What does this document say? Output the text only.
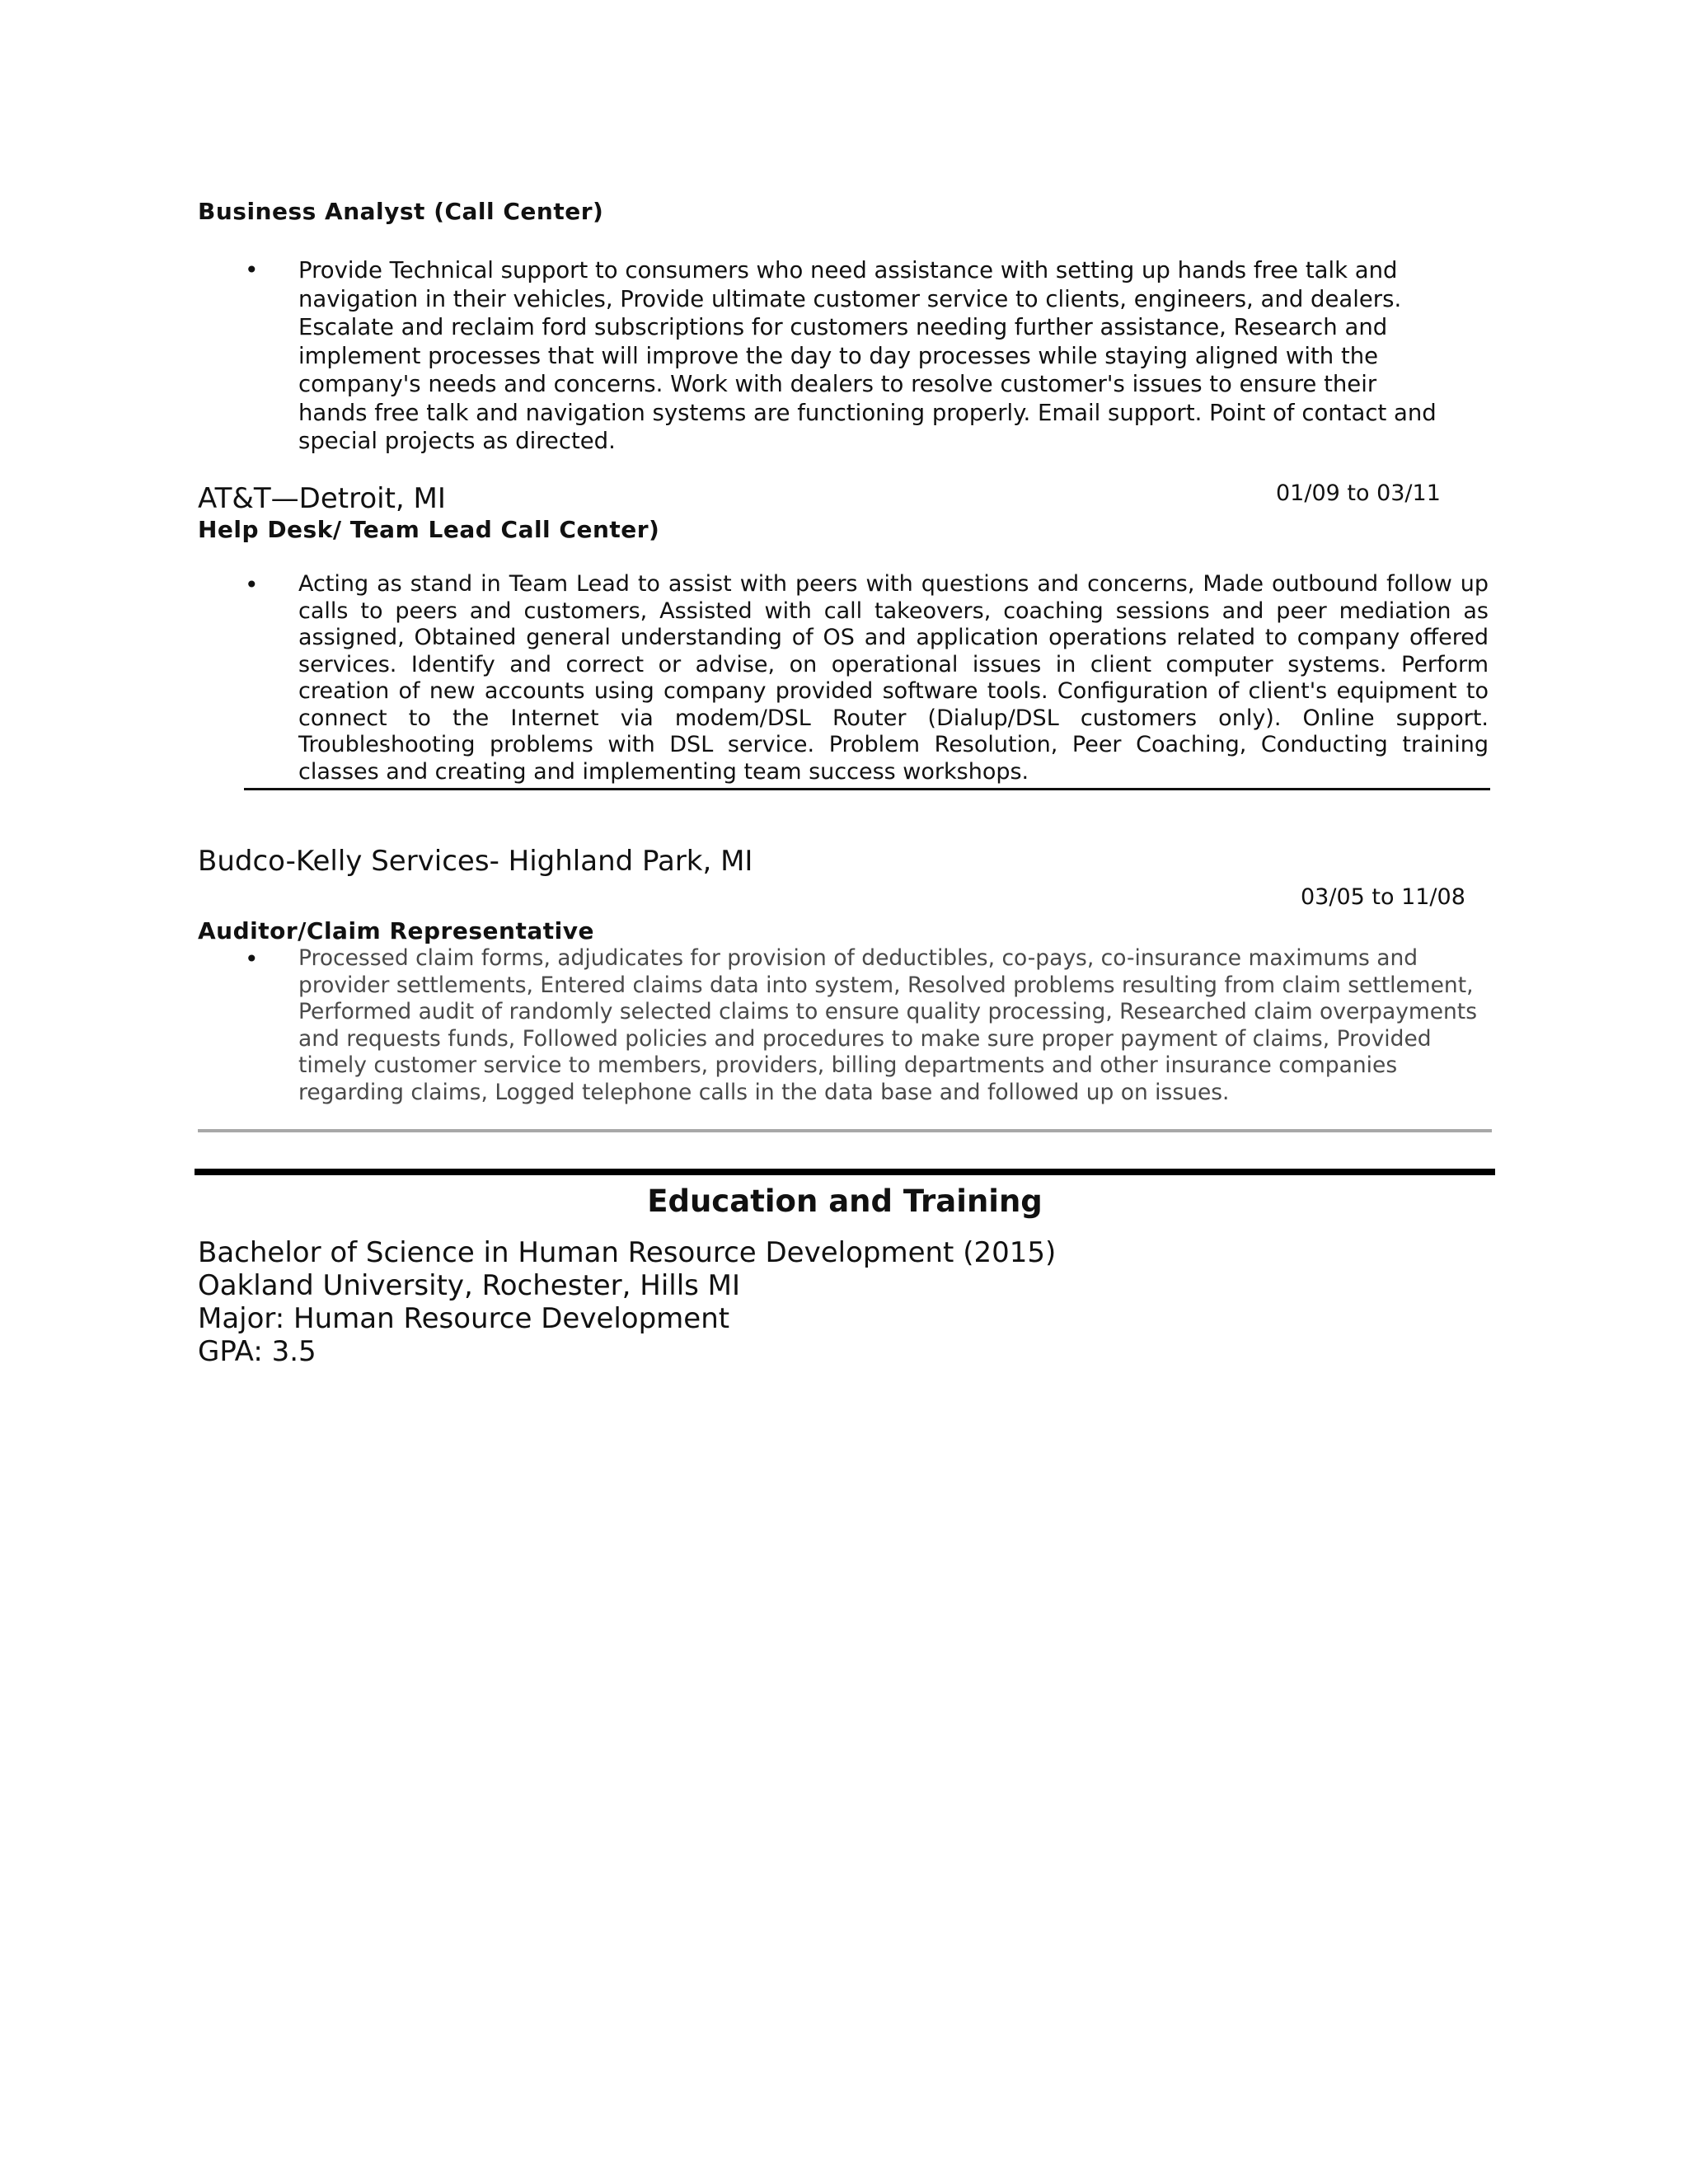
Business Analyst (Call Center)
• Provide Technical support to consumers who need assistance with setting up hands free talk and navigation in their vehicles, Provide ultimate customer service to clients, engineers, and dealers. Escalate and reclaim ford subscriptions for customers needing further assistance, Research and implement processes that will improve the day to day processes while staying aligned with the company's needs and concerns. Work with dealers to resolve customer's issues to ensure their hands free talk and navigation systems are functioning properly. Email support. Point of contact and special projects as directed.

AT&T—Detroit, MI	01/09 to 03/11
Help Desk/ Team Lead Call Center)
• Acting as stand in Team Lead to assist with peers with questions and concerns, Made outbound follow up calls to peers and customers, Assisted with call takeovers, coaching sessions and peer mediation as assigned, Obtained general understanding of OS and application operations related to company offered services. Identify and correct or advise, on operational issues in client computer systems. Perform creation of new accounts using company provided software tools. Configuration of client's equipment to connect to the Internet via modem/DSL Router (Dialup/DSL customers only). Online support. Troubleshooting problems with DSL service. Problem Resolution, Peer Coaching, Conducting training classes and creating and implementing team success workshops.

Budco-Kelly Services- Highland Park, MI
03/05 to 11/08
Auditor/Claim Representative
• Processed claim forms, adjudicates for provision of deductibles, co-pays, co-insurance maximums and provider settlements, Entered claims data into system, Resolved problems resulting from claim settlement, Performed audit of randomly selected claims to ensure quality processing, Researched claim overpayments and requests funds, Followed policies and procedures to make sure proper payment of claims, Provided timely customer service to members, providers, billing departments and other insurance companies regarding claims, Logged telephone calls in the data base and followed up on issues.

Education and Training
Bachelor of Science in Human Resource Development (2015)
Oakland University, Rochester, Hills MI
Major: Human Resource Development
GPA: 3.5
